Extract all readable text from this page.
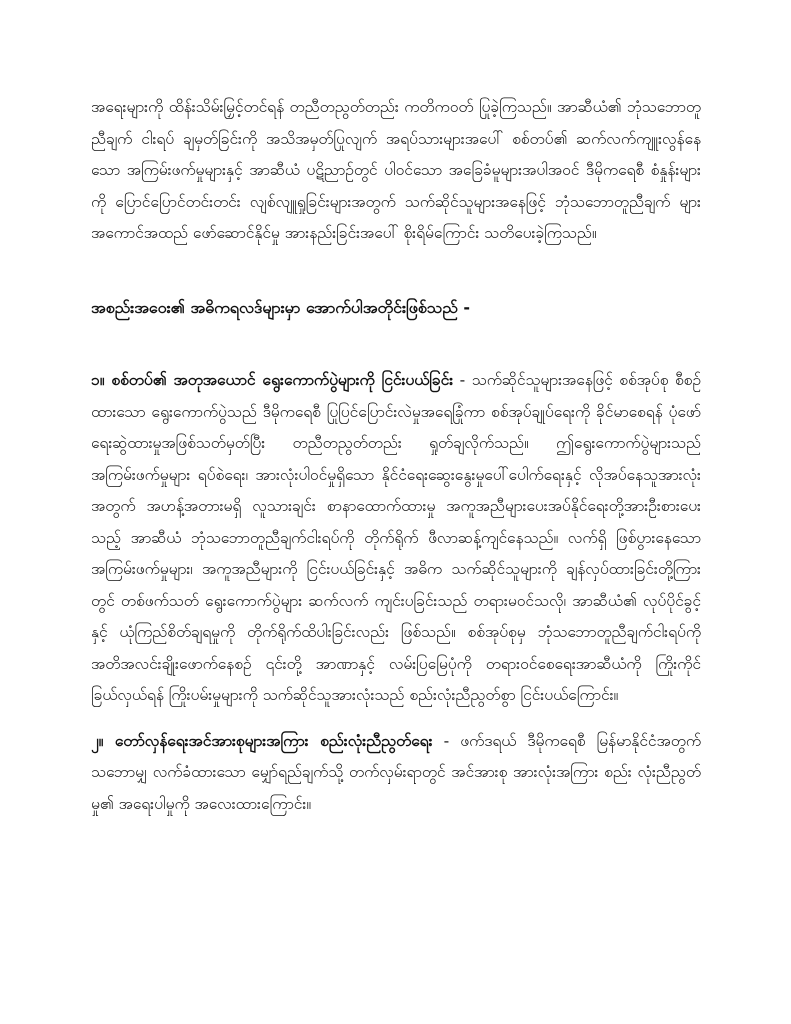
အရေးများကို ထိန်းသိမ်းမြှင့်တင်ရန် တညီတညွတ်တည်း ကတိကဝတ် ပြုခဲ့ကြသည်။ အာဆီယံ၏ ဘုံသဘောတူညီချက် ငါးရပ် ချမှတ်ခြင်းကို အသိအမှတ်ပြုလျက် အရပ်သားများအပေါ် စစ်တပ်၏ ဆက်လက်ကျူးလွန်နေသော အကြမ်းဖက်မှုများနှင့် အာဆီယံ ပဋိညာဉ်တွင် ပါဝင်သော အခြေခံမူများအပါအဝင် ဒီမိုကရေစီ စံနှုန်းများကို ပြောင်ပြောင်တင်းတင်း လျစ်လျူရှုခြင်းများအတွက် သက်ဆိုင်သူများအနေဖြင့် ဘုံသဘောတူညီချက် များအကောင်အထည် ဖော်ဆောင်နိုင်မှု အားနည်းခြင်းအပေါ် စိုးရိမ်ကြောင်း သတိပေးခဲ့ကြသည်။

အစည်းအဝေး၏ အဓိကရလဒ်များမှာ အောက်ပါအတိုင်းဖြစ်သည် -

၁။ စစ်တပ်၏ အတုအယောင် ရွေးကောက်ပွဲများကို ငြင်းပယ်ခြင်း - သက်ဆိုင်သူများအနေဖြင့် စစ်အုပ်စု စီစဉ်ထားသော ရွေးကောက်ပွဲသည် ဒီမိုကရေစီ ပြုပြင်ပြောင်းလဲမှုအရေခြုံကာ စစ်အုပ်ချုပ်ရေးကို ခိုင်မာစေရန် ပုံဖော်ရေးဆွဲထားမှုအဖြစ်သတ်မှတ်ပြီး တညီတညွတ်တည်း ရှုတ်ချလိုက်သည်။ ဤရွေးကောက်ပွဲများသည် အကြမ်းဖက်မှုများ ရပ်စဲရေး၊ အားလုံးပါဝင်မှုရှိသော နိုင်ငံရေးဆွေးနွေးမှုပေါ်ပေါက်ရေးနှင့် လိုအပ်နေသူအားလုံးအတွက် အဟန့်အတားမရှိ လူသားချင်း စာနာထောက်ထားမှု အကူအညီများပေးအပ်နိုင်ရေးတို့အားဦးစားပေးသည့် အာဆီယံ ဘုံသဘောတူညီချက်ငါးရပ်ကို တိုက်ရိုက် ဖီလာဆန့်ကျင်နေသည်။ လက်ရှိ ဖြစ်ပွားနေသော အကြမ်းဖက်မှုများ၊ အကူအညီများကို ငြင်းပယ်ခြင်းနှင့် အဓိက သက်ဆိုင်သူများကို ချန်လှပ်ထားခြင်းတို့ကြားတွင် တစ်ဖက်သတ် ရွေးကောက်ပွဲများ ဆက်လက် ကျင်းပခြင်းသည် တရားမဝင်သလို၊ အာဆီယံ၏ လုပ်ပိုင်ခွင့်နှင့် ယုံကြည်စိတ်ချရမှုကို တိုက်ရိုက်ထိပါးခြင်းလည်း ဖြစ်သည်။ စစ်အုပ်စုမှ ဘုံသဘောတူညီချက်ငါးရပ်ကို အတိအလင်းချိုးဖောက်နေစဉ် ၎င်းတို့ အာဏာနှင့် လမ်းပြမြေပုံကို တရားဝင်စေရေးအာဆီယံကို ကြိုးကိုင်ခြယ်လှယ်ရန် ကြိုးပမ်းမှုများကို သက်ဆိုင်သူအားလုံးသည် စည်းလုံးညီညွတ်စွာ ငြင်းပယ်ကြောင်း။

၂။ တော်လှန်ရေးအင်အားစုများအကြား စည်းလုံးညီညွတ်ရေး - ဖက်ဒရယ် ဒီမိုကရေစီ မြန်မာနိုင်ငံအတွက် သဘောမျှ လက်ခံထားသော မျှော်ရည်ချက်သို့ တက်လှမ်းရာတွင် အင်အားစု အားလုံးအကြား စည်း လုံးညီညွတ်မှု၏ အရေးပါမှုကို အလေးထားကြောင်း။
